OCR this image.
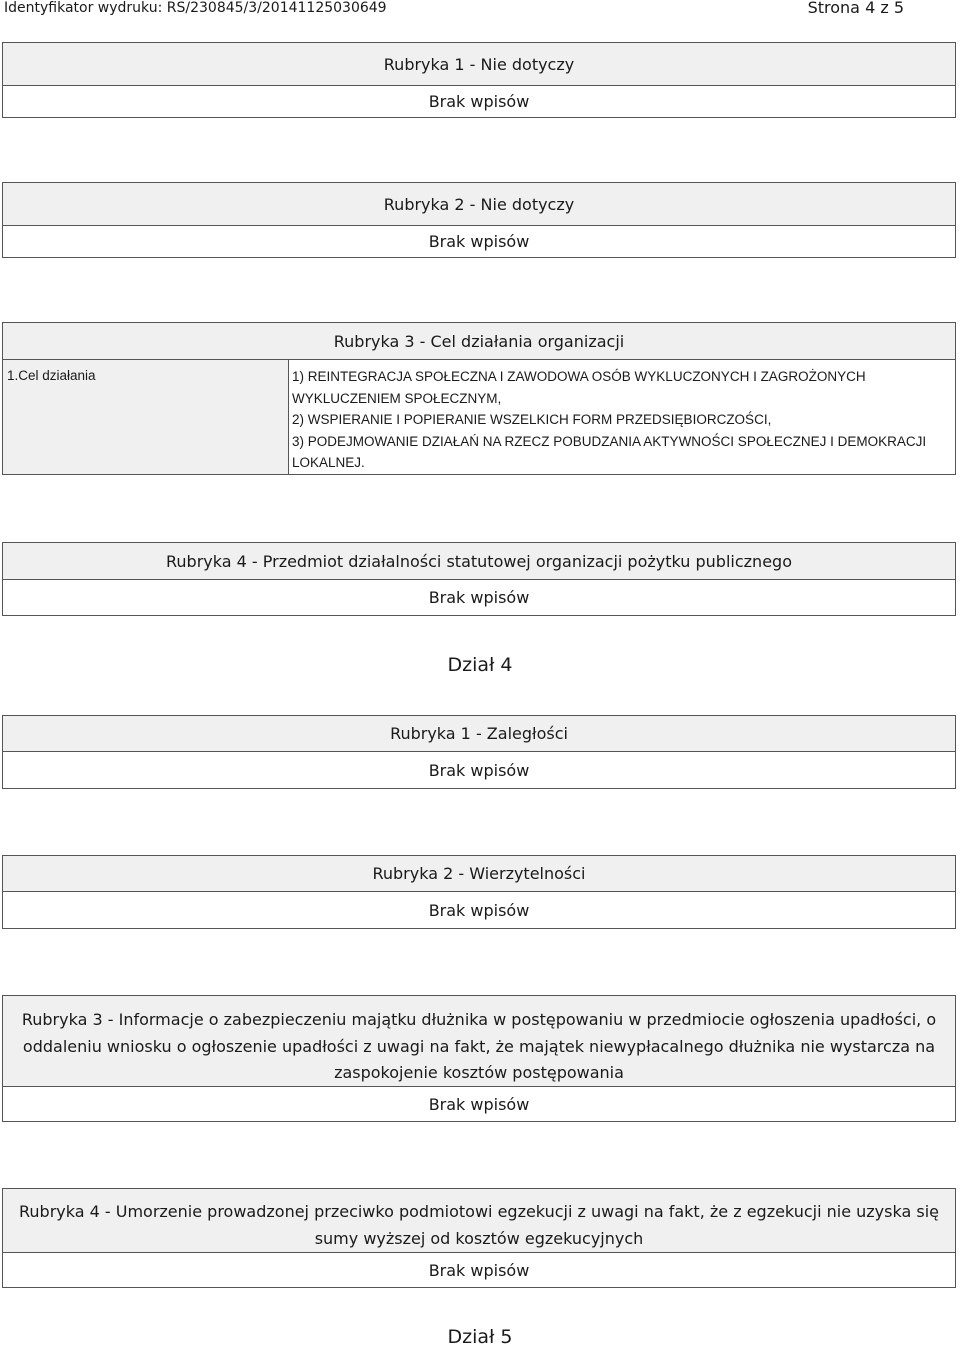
Identyfikator wydruku: RS/230845/3/20141125030649	Strona 4 z 5
Rubryka 1 - Nie dotyczy
Brak wpisów
Rubryka 2 - Nie dotyczy
Brak wpisów
Rubryka 3 - Cel działania organizacji
1.Cel działania	1) REINTEGRACJA SPOŁECZNA I ZAWODOWA OSÓB WYKLUCZONYCH I ZAGROŻONYCH
WYKLUCZENIEM SPOŁECZNYM,
2) WSPIERANIE I POPIERANIE WSZELKICH FORM PRZEDSIĘBIORCZOŚCI,
3) PODEJMOWANIE DZIAŁAŃ NA RZECZ POBUDZANIA AKTYWNOŚCI SPOŁECZNEJ I DEMOKRACJI
LOKALNEJ.
Rubryka 4 - Przedmiot działalności statutowej organizacji pożytku publicznego
Brak wpisów
Dział 4
Rubryka 1 - Zaległości
Brak wpisów
Rubryka 2 - Wierzytelności
Brak wpisów
Rubryka 3 - Informacje o zabezpieczeniu majątku dłużnika w postępowaniu w przedmiocie ogłoszenia upadłości, o
oddaleniu wniosku o ogłoszenie upadłości z uwagi na fakt, że majątek niewypłacalnego dłużnika nie wystarcza na
zaspokojenie kosztów postępowania
Brak wpisów
Rubryka 4 - Umorzenie prowadzonej przeciwko podmiotowi egzekucji z uwagi na fakt, że z egzekucji nie uzyska się
sumy wyższej od kosztów egzekucyjnych
Brak wpisów
Dział 5
